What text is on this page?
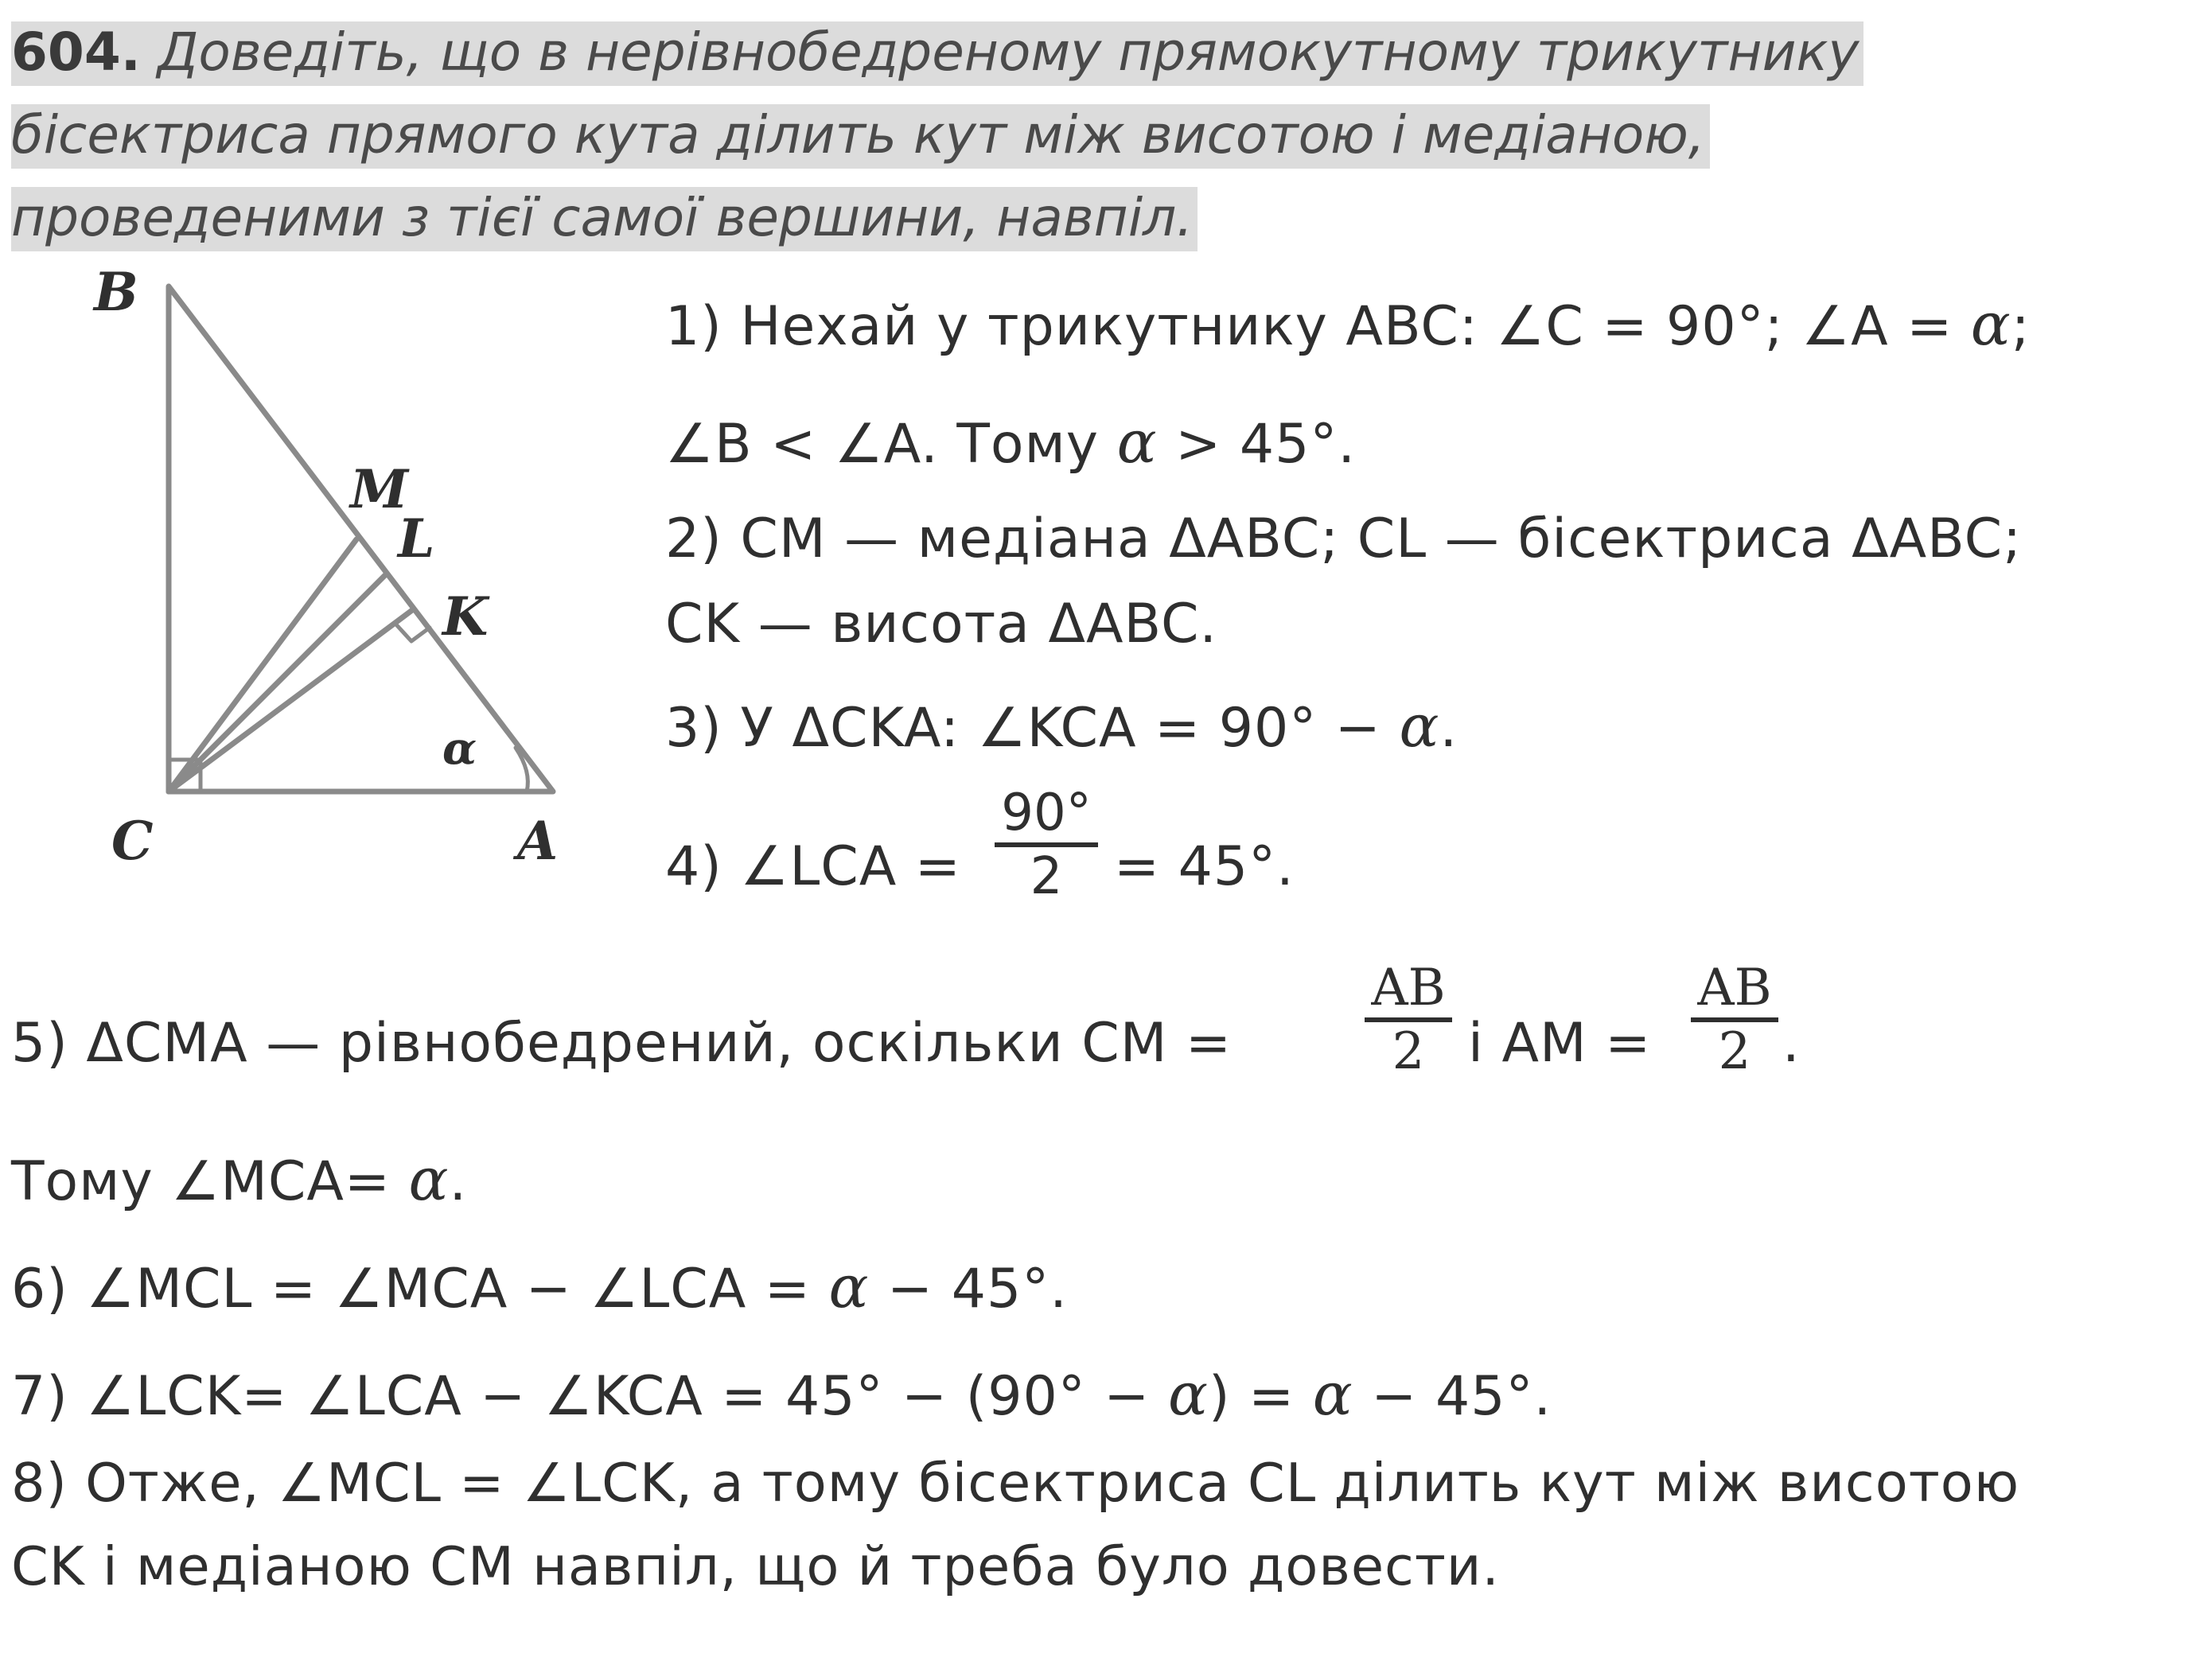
604. Доведіть, що в нерівнобедреному прямокутному трикутнику
бісектриса прямого кута ділить кут між висотою і медіаною,
проведеними з тієї самої вершини, навпіл.
B
M
L
K
α
C	A
1) Нехай у трикутнику ABC: ∠C = 90°; ∠A = α;
∠B < ∠A. Тому α > 45°.
2) CM — медіана ΔABC; CL — бісектриса ΔABC;
CK — висота ΔABC.
3) У ΔCKA: ∠KCA = 90° − α.
4) ∠LCA =
90°
2 = 45°.
5) ΔCMA — рівнобедрений, оскільки CM =
AB
2 і AM =
AB
2 .
Тому ∠MCA= α.
6) ∠MCL = ∠MCA − ∠LCA = α − 45°.
7) ∠LCK= ∠LCA − ∠KCA = 45° − (90° − α) = α − 45°.
8) Отже, ∠MCL = ∠LCK, а тому бісектриса CL ділить кут між висотою
CK і медіаною CM навпіл, що й треба було довести.
